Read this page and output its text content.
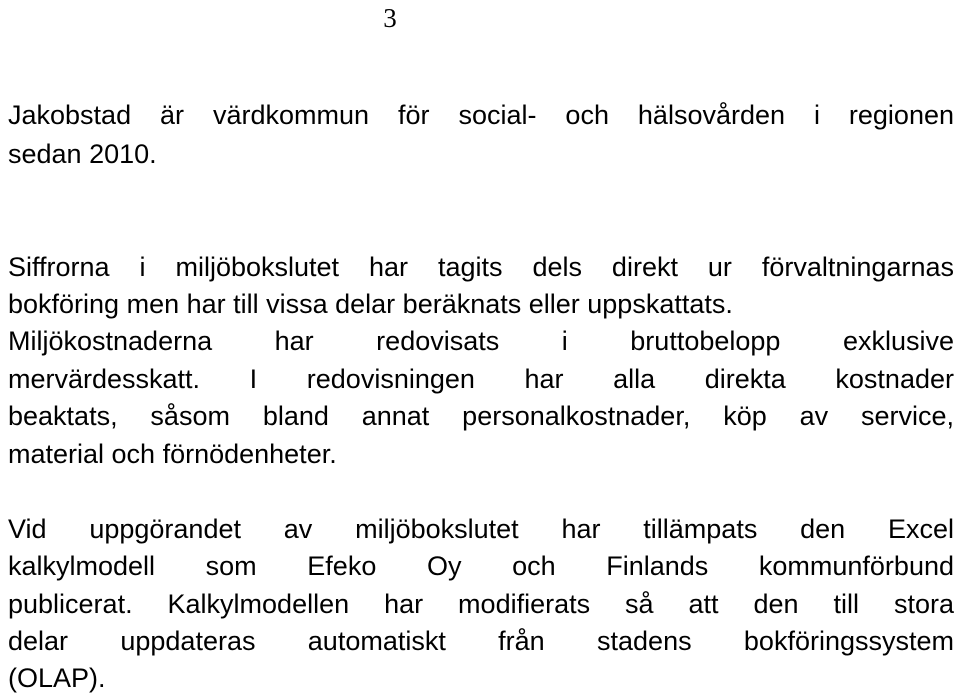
3
Jakobstad är värdkommun för social- och hälsovården i regionen
sedan 2010.
Siffrorna i miljöbokslutet har tagits dels direkt ur förvaltningarnas
bokföring men har till vissa delar beräknats eller uppskattats.
Miljökostnaderna har redovisats i bruttobelopp exklusive
mervärdesskatt. I redovisningen har alla direkta kostnader
beaktats, såsom bland annat personalkostnader, köp av service,
material och förnödenheter.
Vid uppgörandet av miljöbokslutet har tillämpats den Excel
kalkylmodell som Efeko Oy och Finlands kommunförbund
publicerat. Kalkylmodellen har modifierats så att den till stora
delar uppdateras automatiskt från stadens bokföringssystem
(OLAP).
